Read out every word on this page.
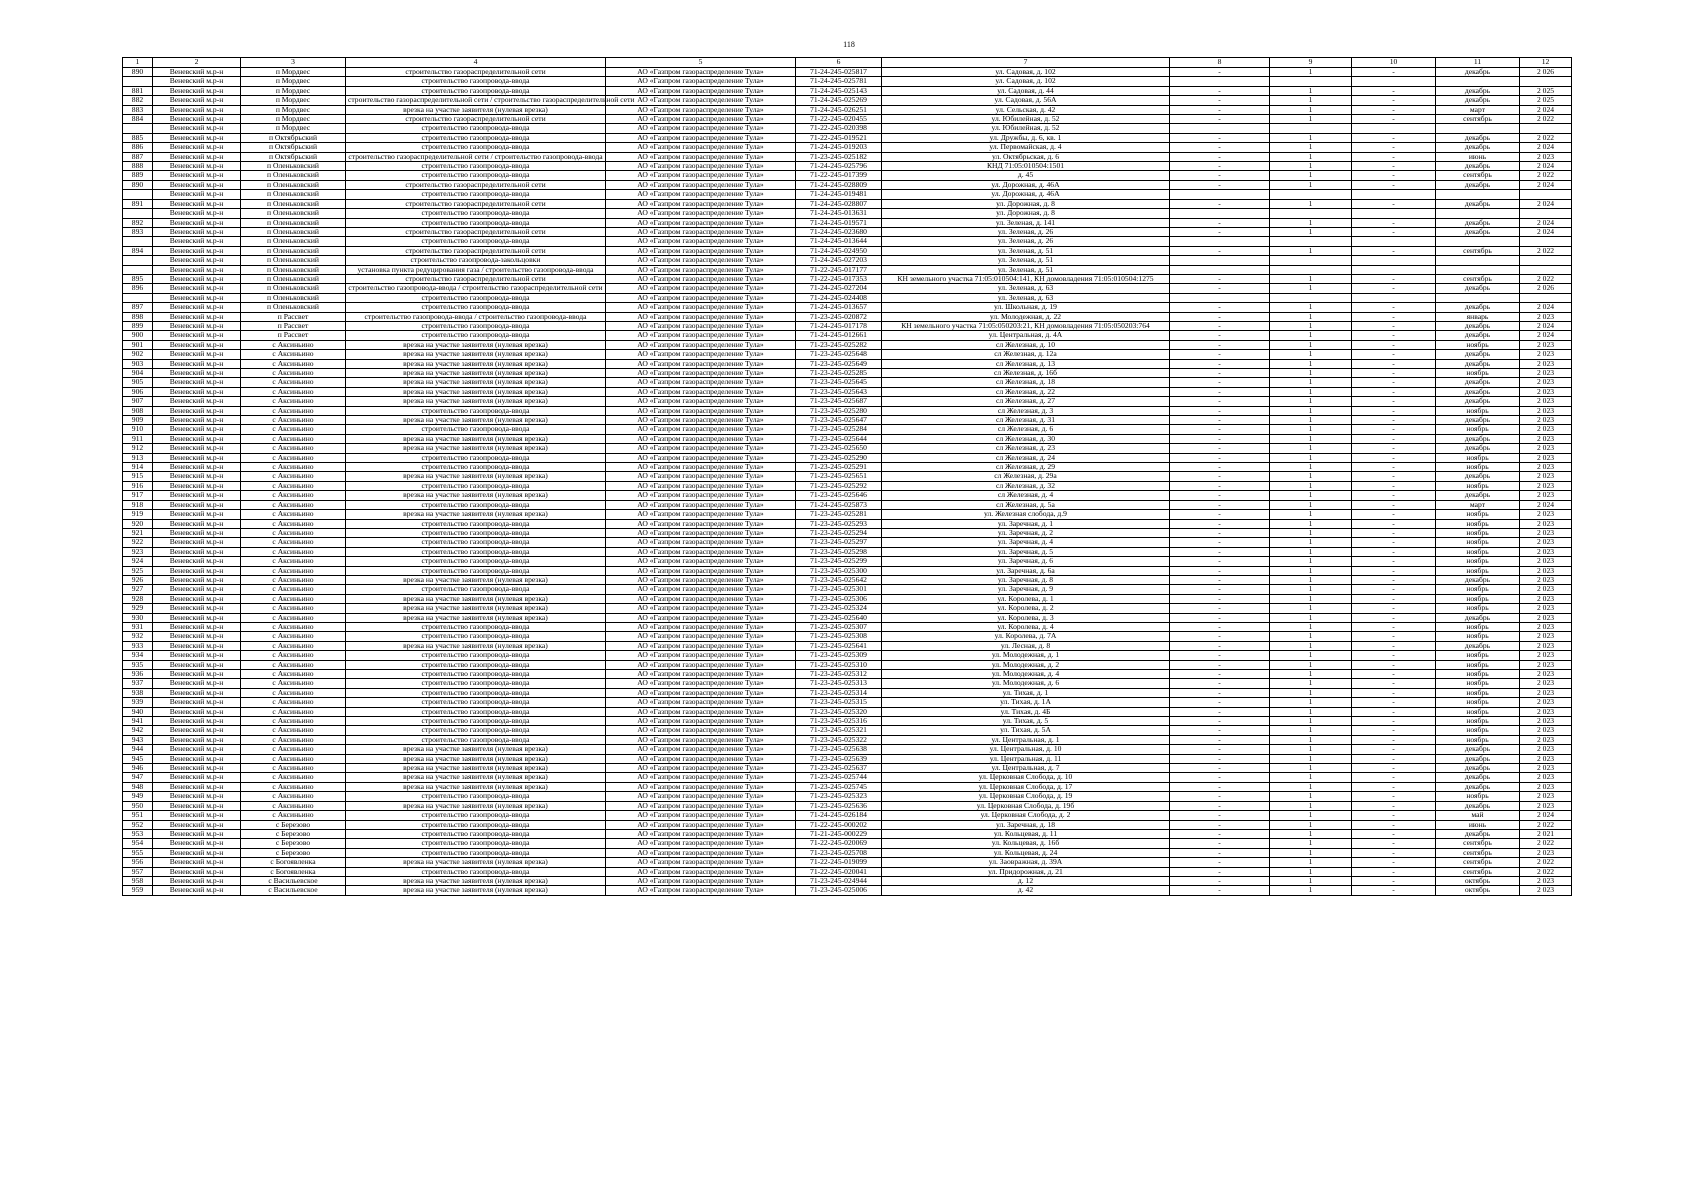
118
1	2	3	4	5	6	7	8	9	10	11	12
890	Веневский м.р-н	п Мордвес	строительство газораспределительной сети	АО «Газпром газораспределение Тула»	71-24-245-025817	ул. Садовая, д. 102	-	1	-	декабрь	2 026
	Веневский м.р-н	п Мордвес	строительство газопровода-ввода	АО «Газпром газораспределение Тула»	71-24-245-025781	ул. Садовая, д. 102					
881	Веневский м.р-н	п Мордвес	строительство газопровода-ввода	АО «Газпром газораспределение Тула»	71-24-245-025143	ул. Садовая, д. 44	-	1	-	декабрь	2 025
882	Веневский м.р-н	п Мордвес	строительство газораспределительной сети / строительство газораспределительной сети	АО «Газпром газораспределение Тула»	71-24-245-025269	ул. Садовая, д. 56А	-	1	-	декабрь	2 025
883	Веневский м.р-н	п Мордвес	врезка на участке заявителя (нулевая врезка)	АО «Газпром газораспределение Тула»	71-24-245-026251	ул. Сельская, д. 42	-	1	-	март	2 024
884	Веневский м.р-н	п Мордвес	строительство газораспределительной сети	АО «Газпром газораспределение Тула»	71-22-245-020455	ул. Юбилейная, д. 52	-	1	-	сентябрь	2 022
	Веневский м.р-н	п Мордвес	строительство газопровода-ввода	АО «Газпром газораспределение Тула»	71-22-245-020398	ул. Юбилейная, д. 52					
885	Веневский м.р-н	п Октябрьский	строительство газопровода-ввода	АО «Газпром газораспределение Тула»	71-22-245-019521	ул. Дружбы, д. 6, кв. 1	-	1	-	декабрь	2 022
886	Веневский м.р-н	п Октябрьский	строительство газопровода-ввода	АО «Газпром газораспределение Тула»	71-24-245-019203	ул. Первомайская, д. 4	-	1	-	декабрь	2 024
887	Веневский м.р-н	п Октябрьский	строительство газораспределительной сети / строительство газопровода-ввода	АО «Газпром газораспределение Тула»	71-23-245-025182	ул. Октябрьская, д. 6	-	1	-	июнь	2 023
888	Веневский м.р-н	п Оленьковский	строительство газопровода-ввода	АО «Газпром газораспределение Тула»	71-24-245-025796	КНД 71:05:010504:1501	-	1	-	декабрь	2 024
889	Веневский м.р-н	п Оленьковский	строительство газопровода-ввода	АО «Газпром газораспределение Тула»	71-22-245-017399	д. 45	-	1	-	сентябрь	2 022
890	Веневский м.р-н	п Оленьковский	строительство газораспределительной сети	АО «Газпром газораспределение Тула»	71-24-245-028809	ул. Дорожная, д. 46А	-	1	-	декабрь	2 024
	Веневский м.р-н	п Оленьковский	строительство газопровода-ввода	АО «Газпром газораспределение Тула»	71-24-245-019481	ул. Дорожная, д. 46А					
891	Веневский м.р-н	п Оленьковский	строительство газораспределительной сети	АО «Газпром газораспределение Тула»	71-24-245-028807	ул. Дорожная, д. 8	-	1	-	декабрь	2 024
	Веневский м.р-н	п Оленьковский	строительство газопровода-ввода	АО «Газпром газораспределение Тула»	71-24-245-013631	ул. Дорожная, д. 8					
892	Веневский м.р-н	п Оленьковский	строительство газопровода-ввода	АО «Газпром газораспределение Тула»	71-24-245-019571	ул. Зеленая, д. 141	-	1	-	декабрь	2 024
893	Веневский м.р-н	п Оленьковский	строительство газораспределительной сети	АО «Газпром газораспределение Тула»	71-24-245-023680	ул. Зеленая, д. 26	-	1	-	декабрь	2 024
	Веневский м.р-н	п Оленьковский	строительство газопровода-ввода	АО «Газпром газораспределение Тула»	71-24-245-013644	ул. Зеленая, д. 26					
894	Веневский м.р-н	п Оленьковский	строительство газораспределительной сети	АО «Газпром газораспределение Тула»	71-24-245-024950	ул. Зеленая, д. 51	-	1	-	сентябрь	2 022
	Веневский м.р-н	п Оленьковский	строительство газопровода-закольцовки	АО «Газпром газораспределение Тула»	71-24-245-027203	ул. Зеленая, д. 51					
	Веневский м.р-н	п Оленьковский	установка пункта редуцирования газа / строительство газопровода-ввода	АО «Газпром газораспределение Тула»	71-22-245-017177	ул. Зеленая, д. 51					
895	Веневский м.р-н	п Оленьковский	строительство газораспределительной сети	АО «Газпром газораспределение Тула»	71-22-245-017353	КН земельного участка 71:05:010504:141, КН домовладения 71:05:010504:1275	-	1	-	сентябрь	2 022
896	Веневский м.р-н	п Оленьковский	строительство газопровода-ввода / строительство газораспределительной сети	АО «Газпром газораспределение Тула»	71-24-245-027204	ул. Зеленая, д. 63	-	1	-	декабрь	2 026
	Веневский м.р-н	п Оленьковский	строительство газопровода-ввода	АО «Газпром газораспределение Тула»	71-24-245-024408	ул. Зеленая, д. 63					
897	Веневский м.р-н	п Оленьковский	строительство газопровода-ввода	АО «Газпром газораспределение Тула»	71-24-245-013657	ул. Школьная, д. 19	-	1	-	декабрь	2 024
898	Веневский м.р-н	п Рассвет	строительство газопровода-ввода / строительство газопровода-ввода	АО «Газпром газораспределение Тула»	71-23-245-020872	ул. Молодежная, д. 22	-	1	-	январь	2 023
899	Веневский м.р-н	п Рассвет	строительство газопровода-ввода	АО «Газпром газораспределение Тула»	71-24-245-017178	КН земельного участка 71:05:050203:21, КН домовладения 71:05:050203:764	-	1	-	декабрь	2 024
900	Веневский м.р-н	п Рассвет	строительство газопровода-ввода	АО «Газпром газораспределение Тула»	71-24-245-012661	ул. Центральная, д. 4А	-	1	-	декабрь	2 024
901	Веневский м.р-н	с Аксиньино	врезка на участке заявителя (нулевая врезка)	АО «Газпром газораспределение Тула»	71-23-245-025282	сл Железная, д. 10	-	1	-	ноябрь	2 023
902	Веневский м.р-н	с Аксиньино	врезка на участке заявителя (нулевая врезка)	АО «Газпром газораспределение Тула»	71-23-245-025648	сл Железная, д. 12а	-	1	-	декабрь	2 023
903	Веневский м.р-н	с Аксиньино	врезка на участке заявителя (нулевая врезка)	АО «Газпром газораспределение Тула»	71-23-245-025649	сл Железная, д. 13	-	1	-	декабрь	2 023
904	Веневский м.р-н	с Аксиньино	врезка на участке заявителя (нулевая врезка)	АО «Газпром газораспределение Тула»	71-23-245-025285	сл Железная, д. 16б	-	1	-	ноябрь	2 023
905	Веневский м.р-н	с Аксиньино	врезка на участке заявителя (нулевая врезка)	АО «Газпром газораспределение Тула»	71-23-245-025645	сл Железная, д. 18	-	1	-	декабрь	2 023
906	Веневский м.р-н	с Аксиньино	врезка на участке заявителя (нулевая врезка)	АО «Газпром газораспределение Тула»	71-23-245-025643	сл Железная, д. 22	-	1	-	декабрь	2 023
907	Веневский м.р-н	с Аксиньино	врезка на участке заявителя (нулевая врезка)	АО «Газпром газораспределение Тула»	71-23-245-025687	сл Железная, д. 27	-	1	-	декабрь	2 023
908	Веневский м.р-н	с Аксиньино	строительство газопровода-ввода	АО «Газпром газораспределение Тула»	71-23-245-025280	сл Железная, д. 3	-	1	-	ноябрь	2 023
909	Веневский м.р-н	с Аксиньино	врезка на участке заявителя (нулевая врезка)	АО «Газпром газораспределение Тула»	71-23-245-025647	сл Железная, д. 31	-	1	-	декабрь	2 023
910	Веневский м.р-н	с Аксиньино	строительство газопровода-ввода	АО «Газпром газораспределение Тула»	71-23-245-025284	сл Железная, д. 6	-	1	-	ноябрь	2 023
911	Веневский м.р-н	с Аксиньино	врезка на участке заявителя (нулевая врезка)	АО «Газпром газораспределение Тула»	71-23-245-025644	сл Железная, д. 30	-	1	-	декабрь	2 023
912	Веневский м.р-н	с Аксиньино	врезка на участке заявителя (нулевая врезка)	АО «Газпром газораспределение Тула»	71-23-245-025650	сл Железная, д. 23	-	1	-	декабрь	2 023
913	Веневский м.р-н	с Аксиньино	строительство газопровода-ввода	АО «Газпром газораспределение Тула»	71-23-245-025290	сл Железная, д. 24	-	1	-	ноябрь	2 023
914	Веневский м.р-н	с Аксиньино	строительство газопровода-ввода	АО «Газпром газораспределение Тула»	71-23-245-025291	сл Железная, д. 29	-	1	-	ноябрь	2 023
915	Веневский м.р-н	с Аксиньино	врезка на участке заявителя (нулевая врезка)	АО «Газпром газораспределение Тула»	71-23-245-025651	сл Железная, д. 29а	-	1	-	декабрь	2 023
916	Веневский м.р-н	с Аксиньино	строительство газопровода-ввода	АО «Газпром газораспределение Тула»	71-23-245-025292	сл Железная, д. 32	-	1	-	ноябрь	2 023
917	Веневский м.р-н	с Аксиньино	врезка на участке заявителя (нулевая врезка)	АО «Газпром газораспределение Тула»	71-23-245-025646	сл Железная, д. 4	-	1	-	декабрь	2 023
918	Веневский м.р-н	с Аксиньино	строительство газопровода-ввода	АО «Газпром газораспределение Тула»	71-24-245-025873	сл Железная, д. 5а	-	1	-	март	2 024
919	Веневский м.р-н	с Аксиньино	врезка на участке заявителя (нулевая врезка)	АО «Газпром газораспределение Тула»	71-23-245-025281	ул. Железная слобода, д.9	-	1	-	ноябрь	2 023
920	Веневский м.р-н	с Аксиньино	строительство газопровода-ввода	АО «Газпром газораспределение Тула»	71-23-245-025293	ул. Заречная, д. 1	-	1	-	ноябрь	2 023
921	Веневский м.р-н	с Аксиньино	строительство газопровода-ввода	АО «Газпром газораспределение Тула»	71-23-245-025294	ул. Заречная, д. 2	-	1	-	ноябрь	2 023
922	Веневский м.р-н	с Аксиньино	строительство газопровода-ввода	АО «Газпром газораспределение Тула»	71-23-245-025297	ул. Заречная, д. 4	-	1	-	ноябрь	2 023
923	Веневский м.р-н	с Аксиньино	строительство газопровода-ввода	АО «Газпром газораспределение Тула»	71-23-245-025298	ул. Заречная, д. 5	-	1	-	ноябрь	2 023
924	Веневский м.р-н	с Аксиньино	строительство газопровода-ввода	АО «Газпром газораспределение Тула»	71-23-245-025299	ул. Заречная, д. 6	-	1	-	ноябрь	2 023
925	Веневский м.р-н	с Аксиньино	строительство газопровода-ввода	АО «Газпром газораспределение Тула»	71-23-245-025300	ул. Заречная, д. 6а	-	1	-	ноябрь	2 023
926	Веневский м.р-н	с Аксиньино	врезка на участке заявителя (нулевая врезка)	АО «Газпром газораспределение Тула»	71-23-245-025642	ул. Заречная, д. 8	-	1	-	декабрь	2 023
927	Веневский м.р-н	с Аксиньино	строительство газопровода-ввода	АО «Газпром газораспределение Тула»	71-23-245-025301	ул. Заречная, д. 9	-	1	-	ноябрь	2 023
928	Веневский м.р-н	с Аксиньино	врезка на участке заявителя (нулевая врезка)	АО «Газпром газораспределение Тула»	71-23-245-025306	ул. Королева, д. 1	-	1	-	ноябрь	2 023
929	Веневский м.р-н	с Аксиньино	врезка на участке заявителя (нулевая врезка)	АО «Газпром газораспределение Тула»	71-23-245-025324	ул. Королева, д. 2	-	1	-	ноябрь	2 023
930	Веневский м.р-н	с Аксиньино	врезка на участке заявителя (нулевая врезка)	АО «Газпром газораспределение Тула»	71-23-245-025640	ул. Королева, д. 3	-	1	-	декабрь	2 023
931	Веневский м.р-н	с Аксиньино	строительство газопровода-ввода	АО «Газпром газораспределение Тула»	71-23-245-025307	ул. Королева, д. 4	-	1	-	ноябрь	2 023
932	Веневский м.р-н	с Аксиньино	строительство газопровода-ввода	АО «Газпром газораспределение Тула»	71-23-245-025308	ул. Королева, д. 7А	-	1	-	ноябрь	2 023
933	Веневский м.р-н	с Аксиньино	врезка на участке заявителя (нулевая врезка)	АО «Газпром газораспределение Тула»	71-23-245-025641	ул. Лесная, д. 8	-	1	-	декабрь	2 023
934	Веневский м.р-н	с Аксиньино	строительство газопровода-ввода	АО «Газпром газораспределение Тула»	71-23-245-025309	ул. Молодежная, д. 1	-	1	-	ноябрь	2 023
935	Веневский м.р-н	с Аксиньино	строительство газопровода-ввода	АО «Газпром газораспределение Тула»	71-23-245-025310	ул. Молодежная, д. 2	-	1	-	ноябрь	2 023
936	Веневский м.р-н	с Аксиньино	строительство газопровода-ввода	АО «Газпром газораспределение Тула»	71-23-245-025312	ул. Молодежная, д. 4	-	1	-	ноябрь	2 023
937	Веневский м.р-н	с Аксиньино	строительство газопровода-ввода	АО «Газпром газораспределение Тула»	71-23-245-025313	ул. Молодежная, д. 6	-	1	-	ноябрь	2 023
938	Веневский м.р-н	с Аксиньино	строительство газопровода-ввода	АО «Газпром газораспределение Тула»	71-23-245-025314	ул. Тихая, д. 1	-	1	-	ноябрь	2 023
939	Веневский м.р-н	с Аксиньино	строительство газопровода-ввода	АО «Газпром газораспределение Тула»	71-23-245-025315	ул. Тихая, д. 1А	-	1	-	ноябрь	2 023
940	Веневский м.р-н	с Аксиньино	строительство газопровода-ввода	АО «Газпром газораспределение Тула»	71-23-245-025320	ул. Тихая, д. 4Б	-	1	-	ноябрь	2 023
941	Веневский м.р-н	с Аксиньино	строительство газопровода-ввода	АО «Газпром газораспределение Тула»	71-23-245-025316	ул. Тихая, д. 5	-	1	-	ноябрь	2 023
942	Веневский м.р-н	с Аксиньино	строительство газопровода-ввода	АО «Газпром газораспределение Тула»	71-23-245-025321	ул. Тихая, д. 5А	-	1	-	ноябрь	2 023
943	Веневский м.р-н	с Аксиньино	строительство газопровода-ввода	АО «Газпром газораспределение Тула»	71-23-245-025322	ул. Центральная, д. 1	-	1	-	ноябрь	2 023
944	Веневский м.р-н	с Аксиньино	врезка на участке заявителя (нулевая врезка)	АО «Газпром газораспределение Тула»	71-23-245-025638	ул. Центральная, д. 10	-	1	-	декабрь	2 023
945	Веневский м.р-н	с Аксиньино	врезка на участке заявителя (нулевая врезка)	АО «Газпром газораспределение Тула»	71-23-245-025639	ул. Центральная, д. 11	-	1	-	декабрь	2 023
946	Веневский м.р-н	с Аксиньино	врезка на участке заявителя (нулевая врезка)	АО «Газпром газораспределение Тула»	71-23-245-025637	ул. Центральная, д. 7	-	1	-	декабрь	2 023
947	Веневский м.р-н	с Аксиньино	врезка на участке заявителя (нулевая врезка)	АО «Газпром газораспределение Тула»	71-23-245-025744	ул. Церковная Слобода, д. 10	-	1	-	декабрь	2 023
948	Веневский м.р-н	с Аксиньино	врезка на участке заявителя (нулевая врезка)	АО «Газпром газораспределение Тула»	71-23-245-025745	ул. Церковная Слобода, д. 17	-	1	-	декабрь	2 023
949	Веневский м.р-н	с Аксиньино	строительство газопровода-ввода	АО «Газпром газораспределение Тула»	71-23-245-025323	ул. Церковная Слобода, д. 19	-	1	-	ноябрь	2 023
950	Веневский м.р-н	с Аксиньино	врезка на участке заявителя (нулевая врезка)	АО «Газпром газораспределение Тула»	71-23-245-025636	ул. Церковная Слобода, д. 19б	-	1	-	декабрь	2 023
951	Веневский м.р-н	с Аксиньино	строительство газопровода-ввода	АО «Газпром газораспределение Тула»	71-24-245-026184	ул. Церковная Слобода, д. 2	-	1	-	май	2 024
952	Веневский м.р-н	с Березово	строительство газопровода-ввода	АО «Газпром газораспределение Тула»	71-22-245-000202	ул. Заречная, д. 18	-	1	-	июнь	2 022
953	Веневский м.р-н	с Березово	строительство газопровода-ввода	АО «Газпром газораспределение Тула»	71-21-245-000229	ул. Кольцевая, д. 11	-	1	-	декабрь	2 021
954	Веневский м.р-н	с Березово	строительство газопровода-ввода	АО «Газпром газораспределение Тула»	71-22-245-020069	ул. Кольцевая, д. 16б	-	1	-	сентябрь	2 022
955	Веневский м.р-н	с Березово	строительство газопровода-ввода	АО «Газпром газораспределение Тула»	71-23-245-025708	ул. Кольцевая, д. 24	-	1	-	сентябрь	2 023
956	Веневский м.р-н	с Богоявленка	врезка на участке заявителя (нулевая врезка)	АО «Газпром газораспределение Тула»	71-22-245-019099	ул. Заовражная, д. 39А	-	1	-	сентябрь	2 022
957	Веневский м.р-н	с Богоявленка	строительство газопровода-ввода	АО «Газпром газораспределение Тула»	71-22-245-020041	ул. Придорожная, д. 21	-	1	-	сентябрь	2 022
958	Веневский м.р-н	с Васильевское	врезка на участке заявителя (нулевая врезка)	АО «Газпром газораспределение Тула»	71-23-245-024944	д. 12	-	1	-	октябрь	2 023
959	Веневский м.р-н	с Васильевское	врезка на участке заявителя (нулевая врезка)	АО «Газпром газораспределение Тула»	71-23-245-025006	д. 42	-	1	-	октябрь	2 023
